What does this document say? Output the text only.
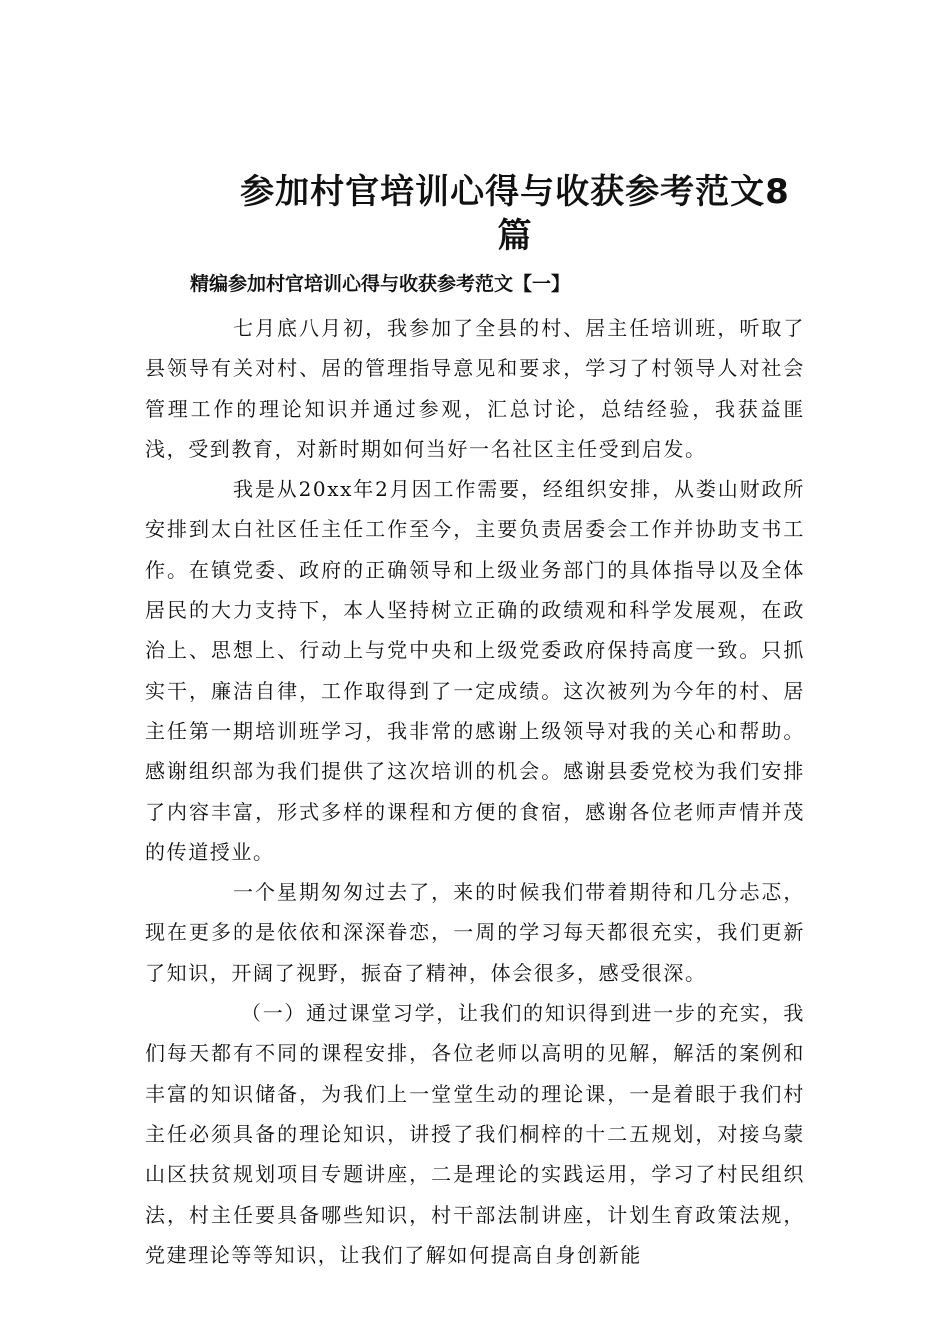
参加村官培训心得与收获参考范文8
篇
精编参加村官培训心得与收获参考范文【一】

七月底八月初，我参加了全县的村、居主任培训班，听取了县领导有关对村、居的管理指导意见和要求，学习了村领导人对社会管理工作的理论知识并通过参观，汇总讨论，总结经验，我获益匪浅，受到教育，对新时期如何当好一名社区主任受到启发。

我是从20xx年2月因工作需要，经组织安排，从娄山财政所安排到太白社区任主任工作至今，主要负责居委会工作并协助支书工作。在镇党委、政府的正确领导和上级业务部门的具体指导以及全体居民的大力支持下，本人坚持树立正确的政绩观和科学发展观，在政治上、思想上、行动上与党中央和上级党委政府保持高度一致。只抓实干，廉洁自律，工作取得到了一定成绩。这次被列为今年的村、居主任第一期培训班学习，我非常的感谢上级领导对我的关心和帮助。感谢组织部为我们提供了这次培训的机会。感谢县委党校为我们安排了内容丰富，形式多样的课程和方便的食宿，感谢各位老师声情并茂的传道授业。

一个星期匆匆过去了，来的时候我们带着期待和几分忐忑，现在更多的是依依和深深眷恋，一周的学习每天都很充实，我们更新了知识，开阔了视野，振奋了精神，体会很多，感受很深。

（一）通过课堂习学，让我们的知识得到进一步的充实，我们每天都有不同的课程安排，各位老师以高明的见解，解活的案例和丰富的知识储备，为我们上一堂堂生动的理论课，一是着眼于我们村主任必须具备的理论知识，讲授了我们桐梓的十二五规划，对接乌蒙山区扶贫规划项目专题讲座，二是理论的实践运用，学习了村民组织法，村主任要具备哪些知识，村干部法制讲座，计划生育政策法规，党建理论等等知识，让我们了解如何提高自身创新能
